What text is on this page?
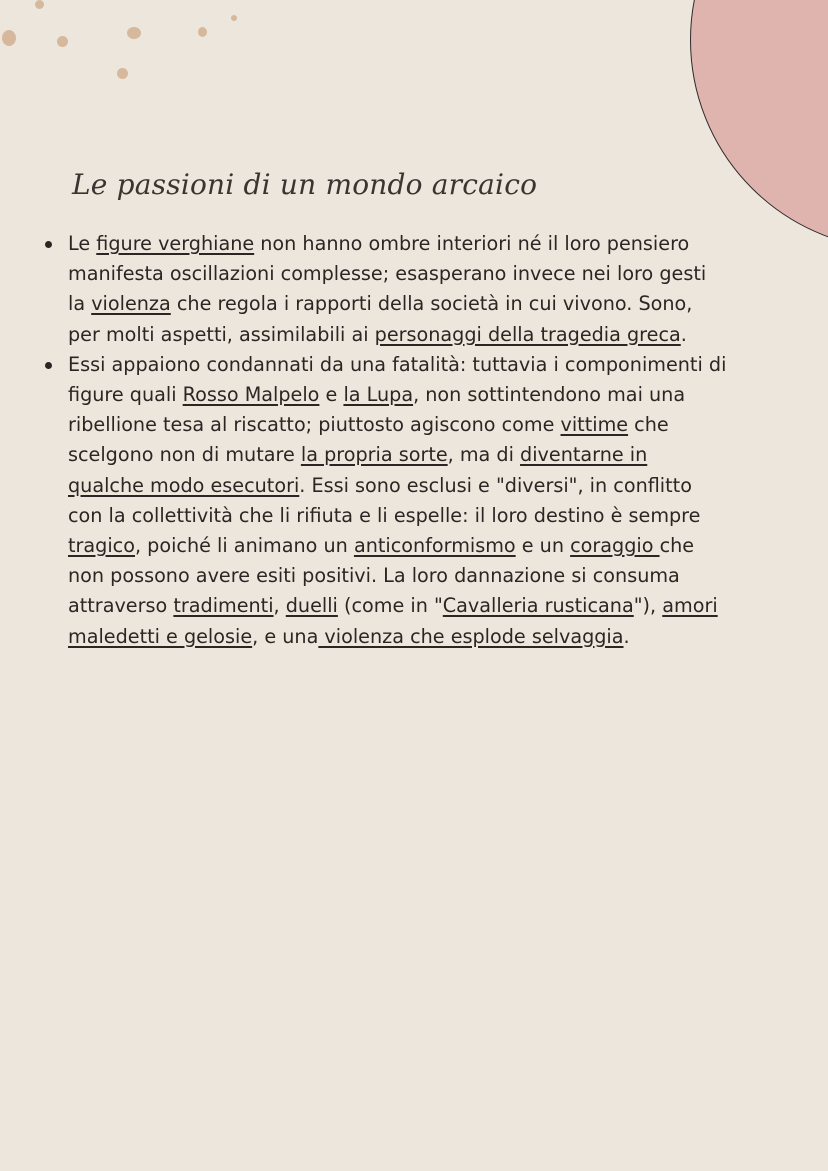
Le passioni di un mondo arcaico
Le figure verghiane non hanno ombre interiori né il loro pensiero
manifesta oscillazioni complesse; esasperano invece nei loro gesti
la violenza che regola i rapporti della società in cui vivono. Sono,
per molti aspetti, assimilabili ai personaggi della tragedia greca.
Essi appaiono condannati da una fatalità: tuttavia i componimenti di
figure quali Rosso Malpelo e la Lupa, non sottintendono mai una
ribellione tesa al riscatto; piuttosto agiscono come vittime che
scelgono non di mutare la propria sorte, ma di diventarne in
qualche modo esecutori. Essi sono esclusi e "diversi", in conflitto
con la collettività che li rifiuta e li espelle: il loro destino è sempre
tragico, poiché li animano un anticonformismo e un coraggio che
non possono avere esiti positivi. La loro dannazione si consuma
attraverso tradimenti, duelli (come in "Cavalleria rusticana"), amori
maledetti e gelosie, e una violenza che esplode selvaggia.
